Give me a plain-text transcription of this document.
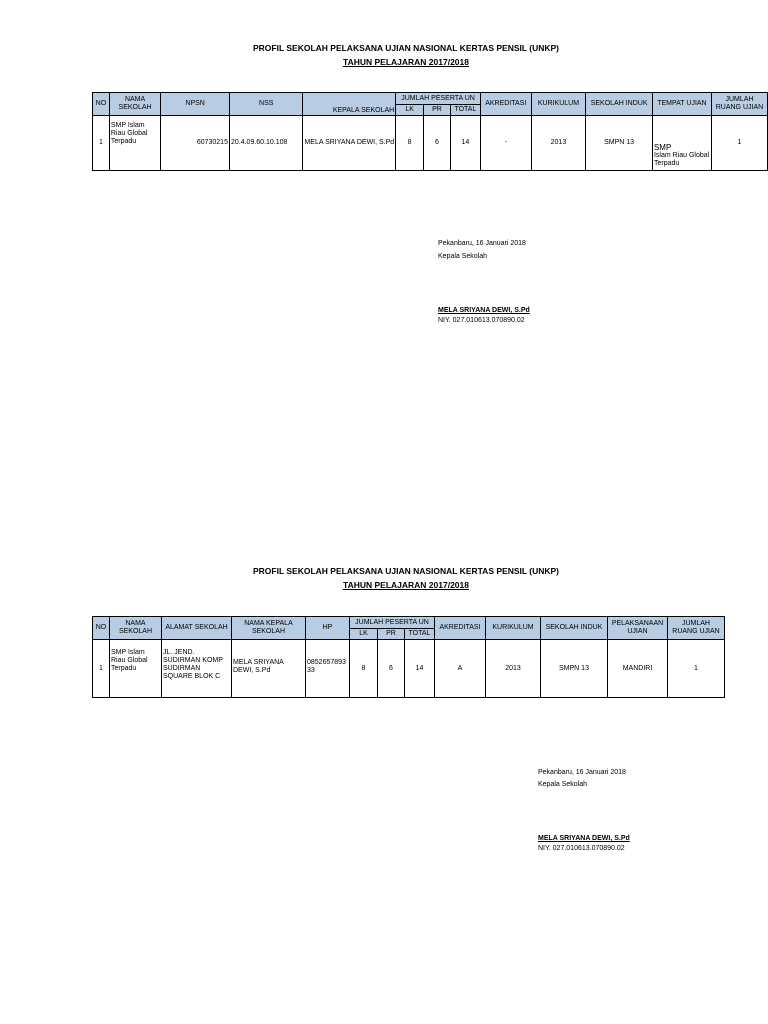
PROFIL SEKOLAH PELAKSANA UJIAN NASIONAL KERTAS PENSIL (UNKP)
TAHUN PELAJARAN 2017/2018
NO	NAMA SEKOLAH	NPSN	NSS	KEPALA SEKOLAH	JUMLAH PESERTA UN			AKREDITASI	KURIKULUM	SEKOLAH INDUK	TEMPAT UJIAN	JUMLAH RUANG UJIAN
					LK	PR	TOTAL					
1	SMP Islam Riau Global Terpadu	60730215	20.4.09.60.10.108	MELA SRIYANA DEWI, S.Pd	8	6	14	-	2013	SMPN 13	SMP
Islam Riau Global Terpadu	1
Pekanbaru, 16 Januari 2018
Kepala Sekolah
MELA SRIYANA DEWI, S.Pd
NIY. 027.010613.070890.02
PROFIL SEKOLAH PELAKSANA UJIAN NASIONAL KERTAS PENSIL (UNKP)
TAHUN PELAJARAN 2017/2018
NO	NAMA SEKOLAH	ALAMAT SEKOLAH	NAMA KEPALA SEKOLAH	HP	JUMLAH PESERTA UN			AKREDITASI	KURIKULUM	SEKOLAH INDUK	PELAKSANAAN UJIAN	JUMLAH RUANG UJIAN
					LK	PR	TOTAL					
1	SMP Islam Riau Global Terpadu	JL. JEND. SUDIRMAN KOMP SUDIRMAN SQUARE BLOK C	MELA SRIYANA DEWI, S.Pd	085265789333	8	6	14	A	2013	SMPN 13	MANDIRI	1
Pekanbaru, 16 Januari 2018
Kepala Sekolah
MELA SRIYANA DEWI, S.Pd
NIY. 027.010613.070890.02
